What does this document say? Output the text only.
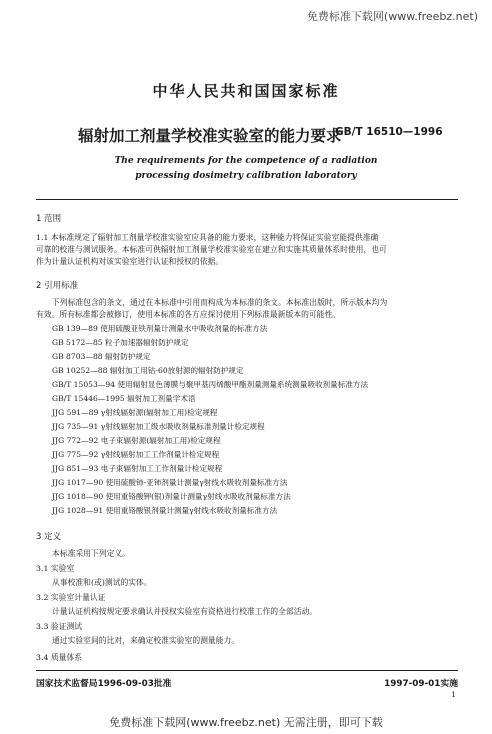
免费标准下载网(www.freebz.net)
中华人民共和国国家标准
辐射加工剂量学校准实验室的能力要求
GB/T 16510—1996
The requirements for the competence of a radiation
processing dosimetry calibration laboratory
1 范围
1.1 本标准规定了辐射加工剂量学校准实验室应具备的能力要求，这种能力将保证实验室能提供准确
可靠的校准与测试服务。本标准可供辐射加工剂量学校准实验室在建立和实施其质量体系时使用，也可
作为计量认证机构对该实验室进行认证和授权的依据。
2 引用标准
下列标准包含的条文，通过在本标准中引用而构成为本标准的条文。本标准出版时，所示版本均为
有效。所有标准都会被修订，使用本标准的各方应探讨使用下列标准最新版本的可能性。
GB 139—89 使用硫酸亚铁剂量计测量水中吸收剂量的标准方法
GB 5172—85 粒子加速器辐射防护规定
GB 8703—88 辐射防护规定
GB 10252—88 辐射加工用钴-60放射源的辐射防护规定
GB/T 15053—94 使用辐射显色薄膜与聚甲基丙烯酸甲酯剂量测量系统测量吸收剂量标准方法
GB/T 15446—1995 辐射加工剂量学术语
JJG 591—89 γ射线辐射源(辐射加工用)检定规程
JJG 735—91 γ射线辐射加工级水吸收剂量标准剂量计检定规程
JJG 772—92 电子束辐射源(辐射加工用)检定规程
JJG 775—92 γ射线辐射加工工作剂量计检定规程
JJG 851—93 电子束辐射加工工作剂量计检定规程
JJG 1017—90 使用硫酸铈-亚铈剂量计测量γ射线水吸收剂量标准方法
JJG 1018—90 使用重铬酸钾(银)剂量计测量γ射线水吸收剂量标准方法
JJG 1028—91 使用重铬酸银剂量计测量γ射线水吸收剂量标准方法
3 定义
本标准采用下列定义。
3.1 实验室
从事校准和(或)测试的实体。
3.2 实验室计量认证
计量认证机构按规定要求确认并授权实验室有资格进行校准工作的全部活动。
3.3 验证测试
通过实验室间的比对，来确定校准实验室的测量能力。
3.4 质量体系
国家技术监督局1996-09-03批准	1997-09-01实施
1
免费标准下载网(www.freebz.net) 无需注册，即可下载
